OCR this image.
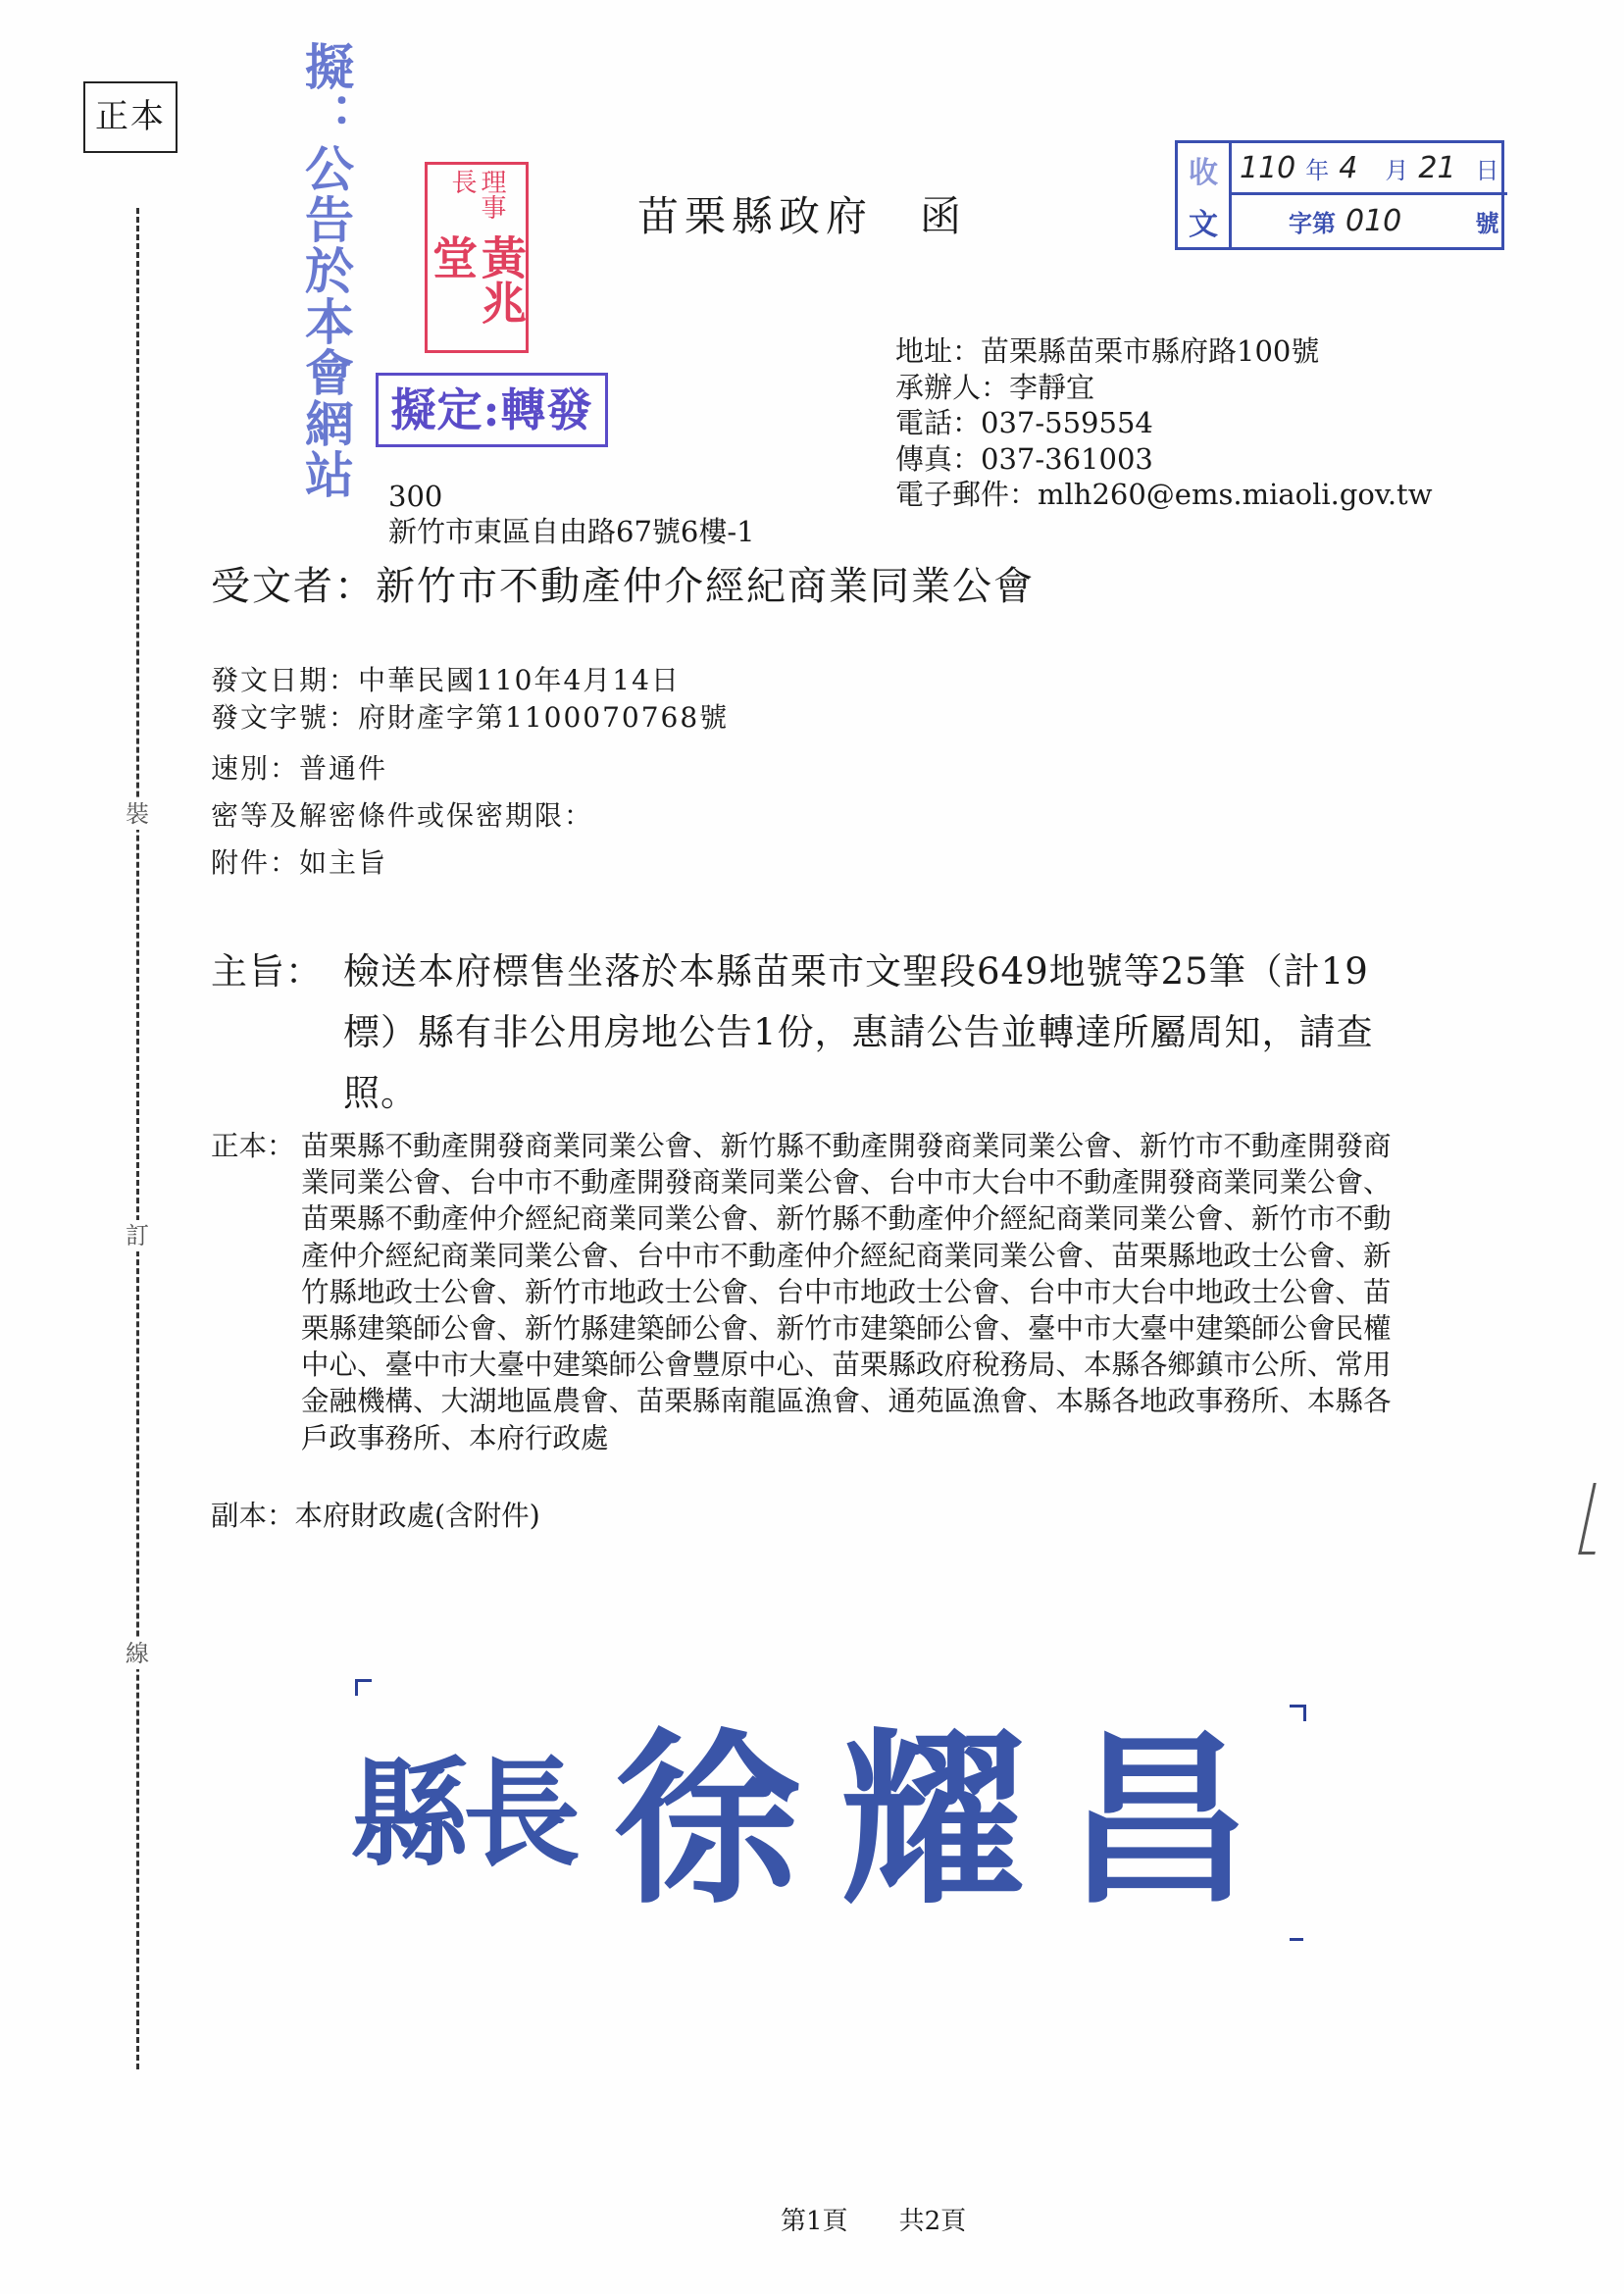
正本
裝
訂
線
擬：公告於本會網站	理事長
黃兆堂
擬定:轉發
苗栗縣政府　函
收 110 年 4 月 21 日
文	字第 010	號
地址：苗栗縣苗栗市縣府路100號
承辦人：李靜宜
電話：037-559554
傳真：037-361003
電子郵件：mlh260@ems.miaoli.gov.tw
300
新竹市東區自由路67號6樓-1
受文者：新竹市不動產仲介經紀商業同業公會
發文日期：中華民國110年4月14日
發文字號：府財產字第1100070768號
速別：普通件
密等及解密條件或保密期限：
附件：如主旨
主旨： 檢送本府標售坐落於本縣苗栗市文聖段649地號等25筆（計19標）縣有非公用房地公告1份，惠請公告並轉達所屬周知，請查照。
正本： 苗栗縣不動產開發商業同業公會、新竹縣不動產開發商業同業公會、新竹市不動產開發商業同業公會、台中市不動產開發商業同業公會、台中市大台中不動產開發商業同業公會、苗栗縣不動產仲介經紀商業同業公會、新竹縣不動產仲介經紀商業同業公會、新竹市不動產仲介經紀商業同業公會、台中市不動產仲介經紀商業同業公會、苗栗縣地政士公會、新竹縣地政士公會、新竹市地政士公會、台中市地政士公會、台中市大台中地政士公會、苗栗縣建築師公會、新竹縣建築師公會、新竹市建築師公會、臺中市大臺中建築師公會民權中心、臺中市大臺中建築師公會豐原中心、苗栗縣政府稅務局、本縣各鄉鎮市公所、常用金融機構、大湖地區農會、苗栗縣南龍區漁會、通苑區漁會、本縣各地政事務所、本縣各戶政事務所、本府行政處
副本：本府財政處(含附件)
縣長 徐耀昌
第1頁　　 共2頁
